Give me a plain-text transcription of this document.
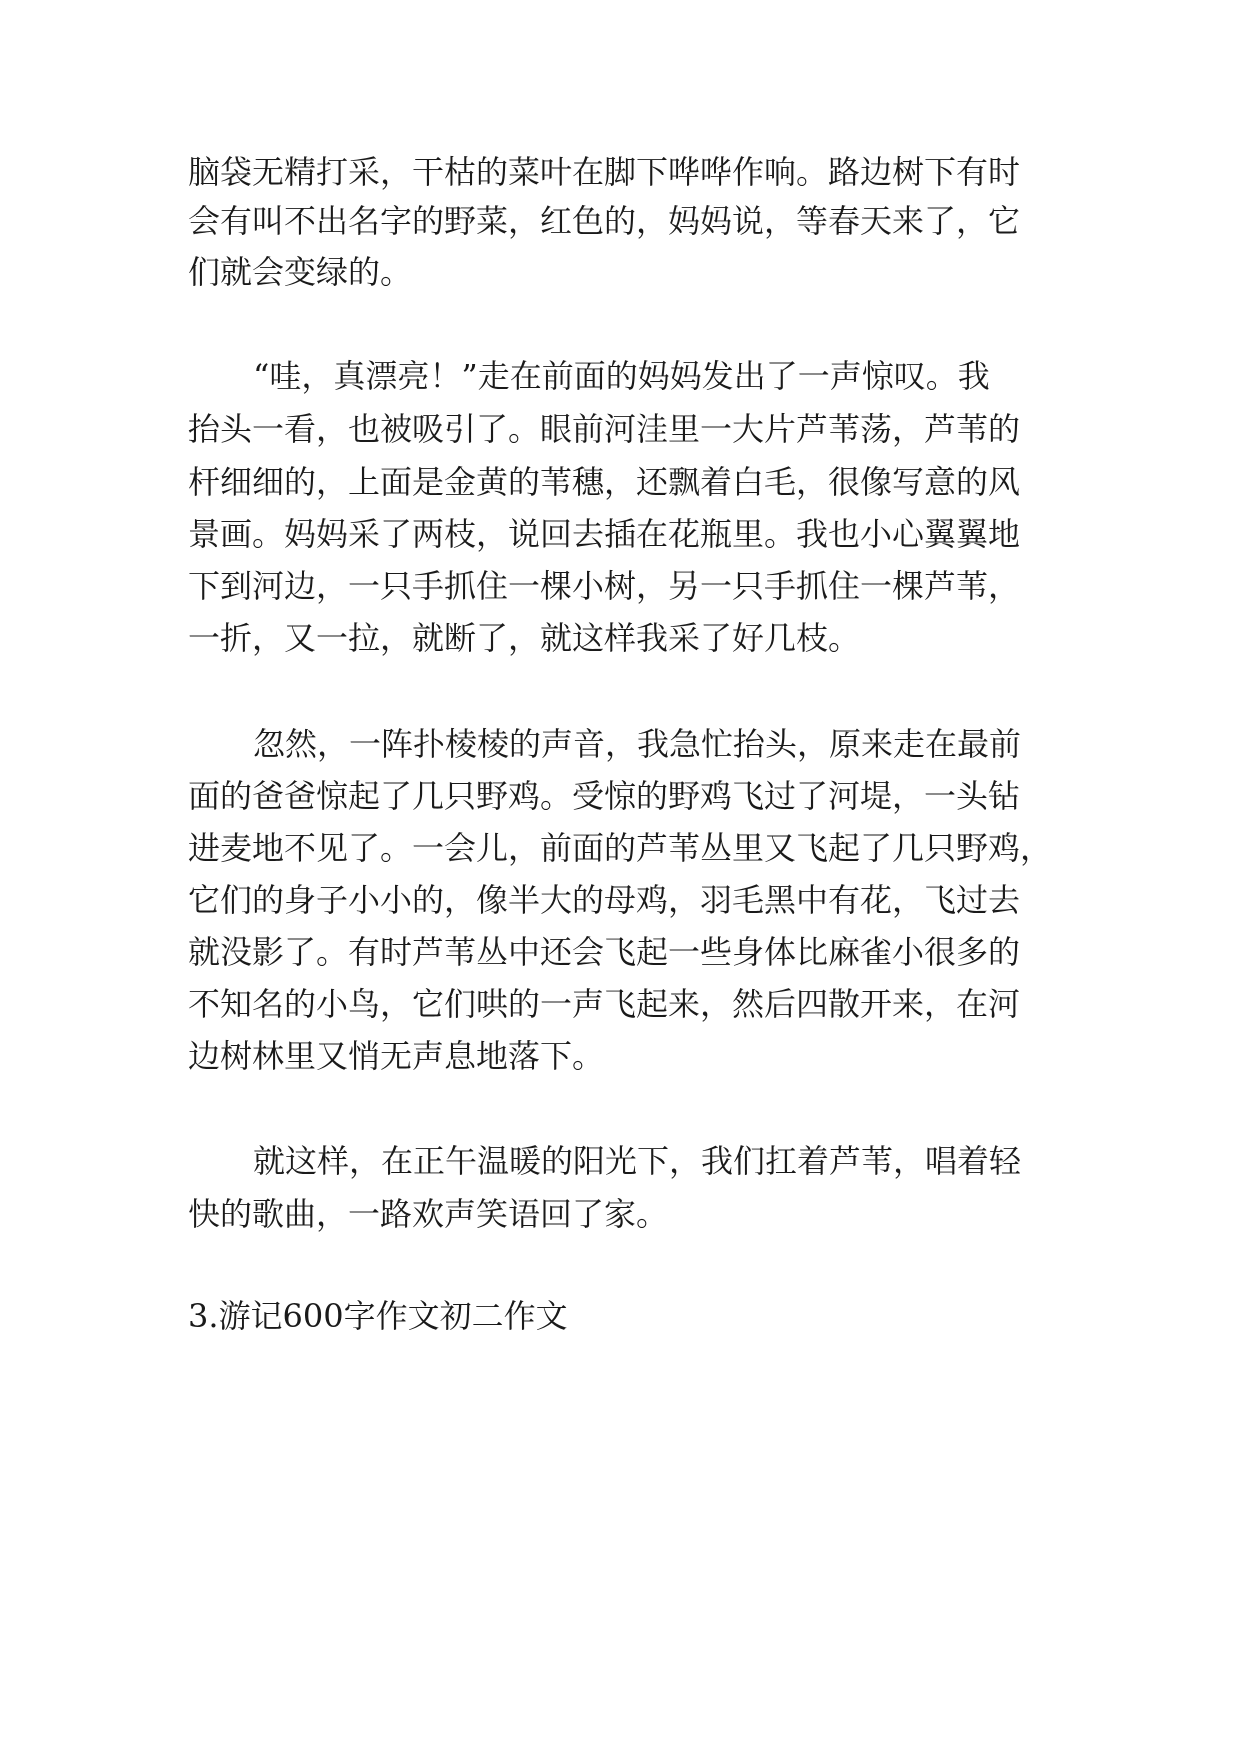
脑袋无精打采，干枯的菜叶在脚下哗哗作响。路边树下有时
会有叫不出名字的野菜，红色的，妈妈说，等春天来了，它
们就会变绿的。
“哇，真漂亮！”走在前面的妈妈发出了一声惊叹。我
抬头一看，也被吸引了。眼前河洼里一大片芦苇荡，芦苇的
杆细细的，上面是金黄的苇穗，还飘着白毛，很像写意的风
景画。妈妈采了两枝，说回去插在花瓶里。我也小心翼翼地
下到河边，一只手抓住一棵小树，另一只手抓住一棵芦苇，
一折，又一拉，就断了，就这样我采了好几枝。
忽然，一阵扑棱棱的声音，我急忙抬头，原来走在最前
面的爸爸惊起了几只野鸡。受惊的野鸡飞过了河堤，一头钻
进麦地不见了。一会儿，前面的芦苇丛里又飞起了几只野鸡，
它们的身子小小的，像半大的母鸡，羽毛黑中有花，飞过去
就没影了。有时芦苇丛中还会飞起一些身体比麻雀小很多的
不知名的小鸟，它们哄的一声飞起来，然后四散开来，在河
边树林里又悄无声息地落下。
就这样，在正午温暖的阳光下，我们扛着芦苇，唱着轻
快的歌曲，一路欢声笑语回了家。
3.游记600字作文初二作文
